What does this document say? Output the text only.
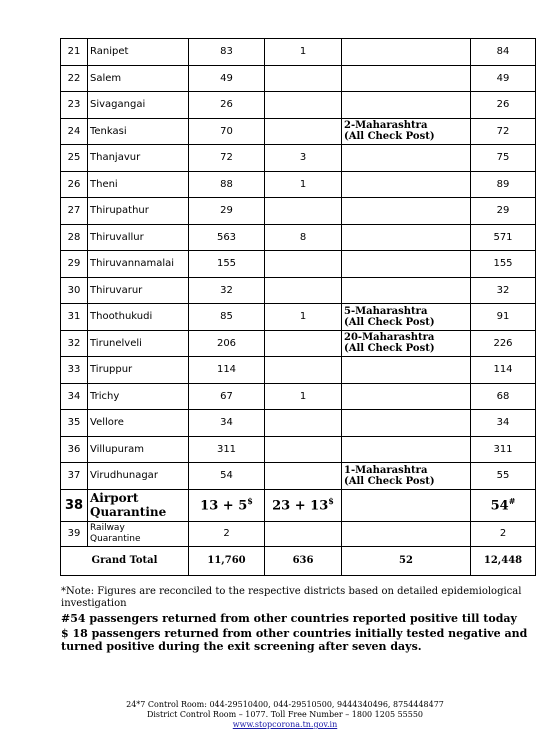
21	Ranipet	83	1		84
22	Salem	49			49
23	Sivagangai	26			26
24	Tenkasi	70		2-Maharashtra
(All Check Post)	72
25	Thanjavur	72	3		75
26	Theni	88	1		89
27	Thirupathur	29			29
28	Thiruvallur	563	8		571
29	Thiruvannamalai	155			155
30	Thiruvarur	32			32
31	Thoothukudi	85	1	5-Maharashtra
(All Check Post)	91
32	Tirunelveli	206		20-Maharashtra
(All Check Post)	226
33	Tiruppur	114			114
34	Trichy	67	1		68
35	Vellore	34			34
36	Villupuram	311			311
37	Virudhunagar	54		1-Maharashtra
(All Check Post)	55
38	Airport
Quarantine	13 + 5$	23 + 13$		54#
39	Railway
Quarantine	2			2
Grand Total		11,760	636	52	12,448
*Note: Figures are reconciled to the respective districts based on detailed epidemiological investigation
#54 passengers returned from other countries reported positive till today
$ 18 passengers returned from other countries initially tested negative and turned positive during the exit screening after seven days.
24*7 Control Room: 044-29510400, 044-29510500, 9444340496, 8754448477
District Control Room – 1077. Toll Free Number – 1800 1205 55550
www.stopcorona.tn.gov.in
